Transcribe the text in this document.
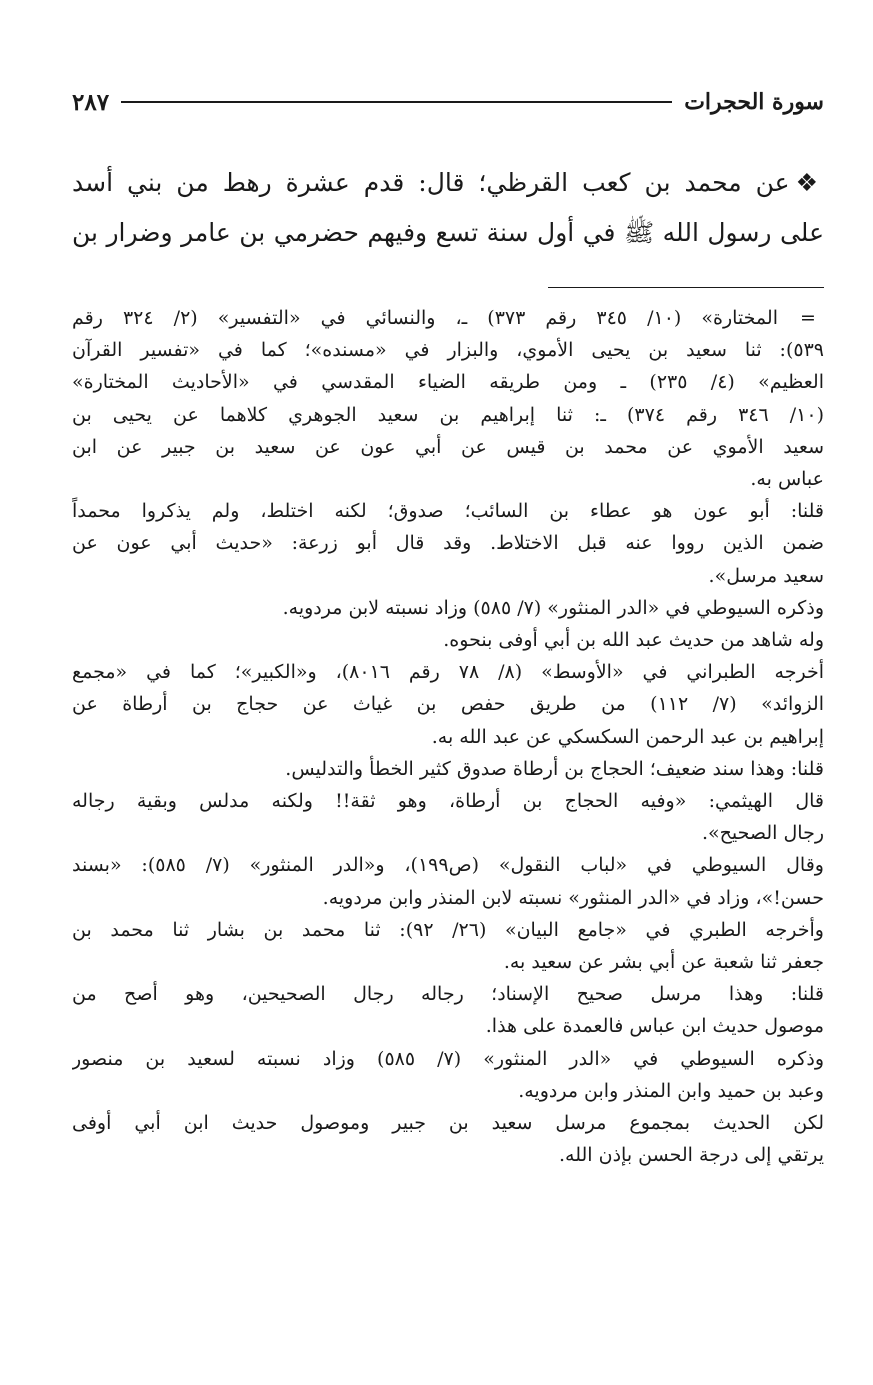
سورة الحجرات
٢٨٧
❖عن محمد بن كعب القرظي؛ قال: قدم عشرة رهط من بني أسد
على رسول الله ﷺ في أول سنة تسع وفيهم حضرمي بن عامر وضرار بن
=
المختارة» (١٠/ ٣٤٥ رقم ٣٧٣) ـ، والنسائي في «التفسير» (٢/ ٣٢٤ رقم
٥٣٩): ثنا سعيد بن يحيى الأموي، والبزار في «مسنده»؛ كما في «تفسير القرآن
العظيم» (٤/ ٢٣٥) ـ ومن طريقه الضياء المقدسي في «الأحاديث المختارة»
(١٠/ ٣٤٦ رقم ٣٧٤) ـ: ثنا إبراهيم بن سعيد الجوهري كلاهما عن يحيى بن
سعيد الأموي عن محمد بن قيس عن أبي عون عن سعيد بن جبير عن ابن
عباس به.
قلنا: أبو عون هو عطاء بن السائب؛ صدوق؛ لكنه اختلط، ولم يذكروا محمداً
ضمن الذين رووا عنه قبل الاختلاط. وقد قال أبو زرعة: «حديث أبي عون عن
سعيد مرسل».
وذكره السيوطي في «الدر المنثور» (٧/ ٥٨٥) وزاد نسبته لابن مردويه.
وله شاهد من حديث عبد الله بن أبي أوفى بنحوه.
أخرجه الطبراني في «الأوسط» (٨/ ٧٨ رقم ٨٠١٦)، و«الكبير»؛ كما في «مجمع
الزوائد» (٧/ ١١٢) من طريق حفص بن غياث عن حجاج بن أرطاة عن
إبراهيم بن عبد الرحمن السكسكي عن عبد الله به.
قلنا: وهذا سند ضعيف؛ الحجاج بن أرطاة صدوق كثير الخطأ والتدليس.
قال الهيثمي: «وفيه الحجاج بن أرطاة، وهو ثقة!! ولكنه مدلس وبقية رجاله
رجال الصحيح».
وقال السيوطي في «لباب النقول» (ص١٩٩)، و«الدر المنثور» (٧/ ٥٨٥): «بسند
حسن!»، وزاد في «الدر المنثور» نسبته لابن المنذر وابن مردويه.
وأخرجه الطبري في «جامع البيان» (٢٦/ ٩٢): ثنا محمد بن بشار ثنا محمد بن
جعفر ثنا شعبة عن أبي بشر عن سعيد به.
قلنا: وهذا مرسل صحيح الإسناد؛ رجاله رجال الصحيحين، وهو أصح من
موصول حديث ابن عباس فالعمدة على هذا.
وذكره السيوطي في «الدر المنثور» (٧/ ٥٨٥) وزاد نسبته لسعيد بن منصور
وعبد بن حميد وابن المنذر وابن مردويه.
لكن الحديث بمجموع مرسل سعيد بن جبير وموصول حديث ابن أبي أوفى
يرتقي إلى درجة الحسن بإذن الله.
